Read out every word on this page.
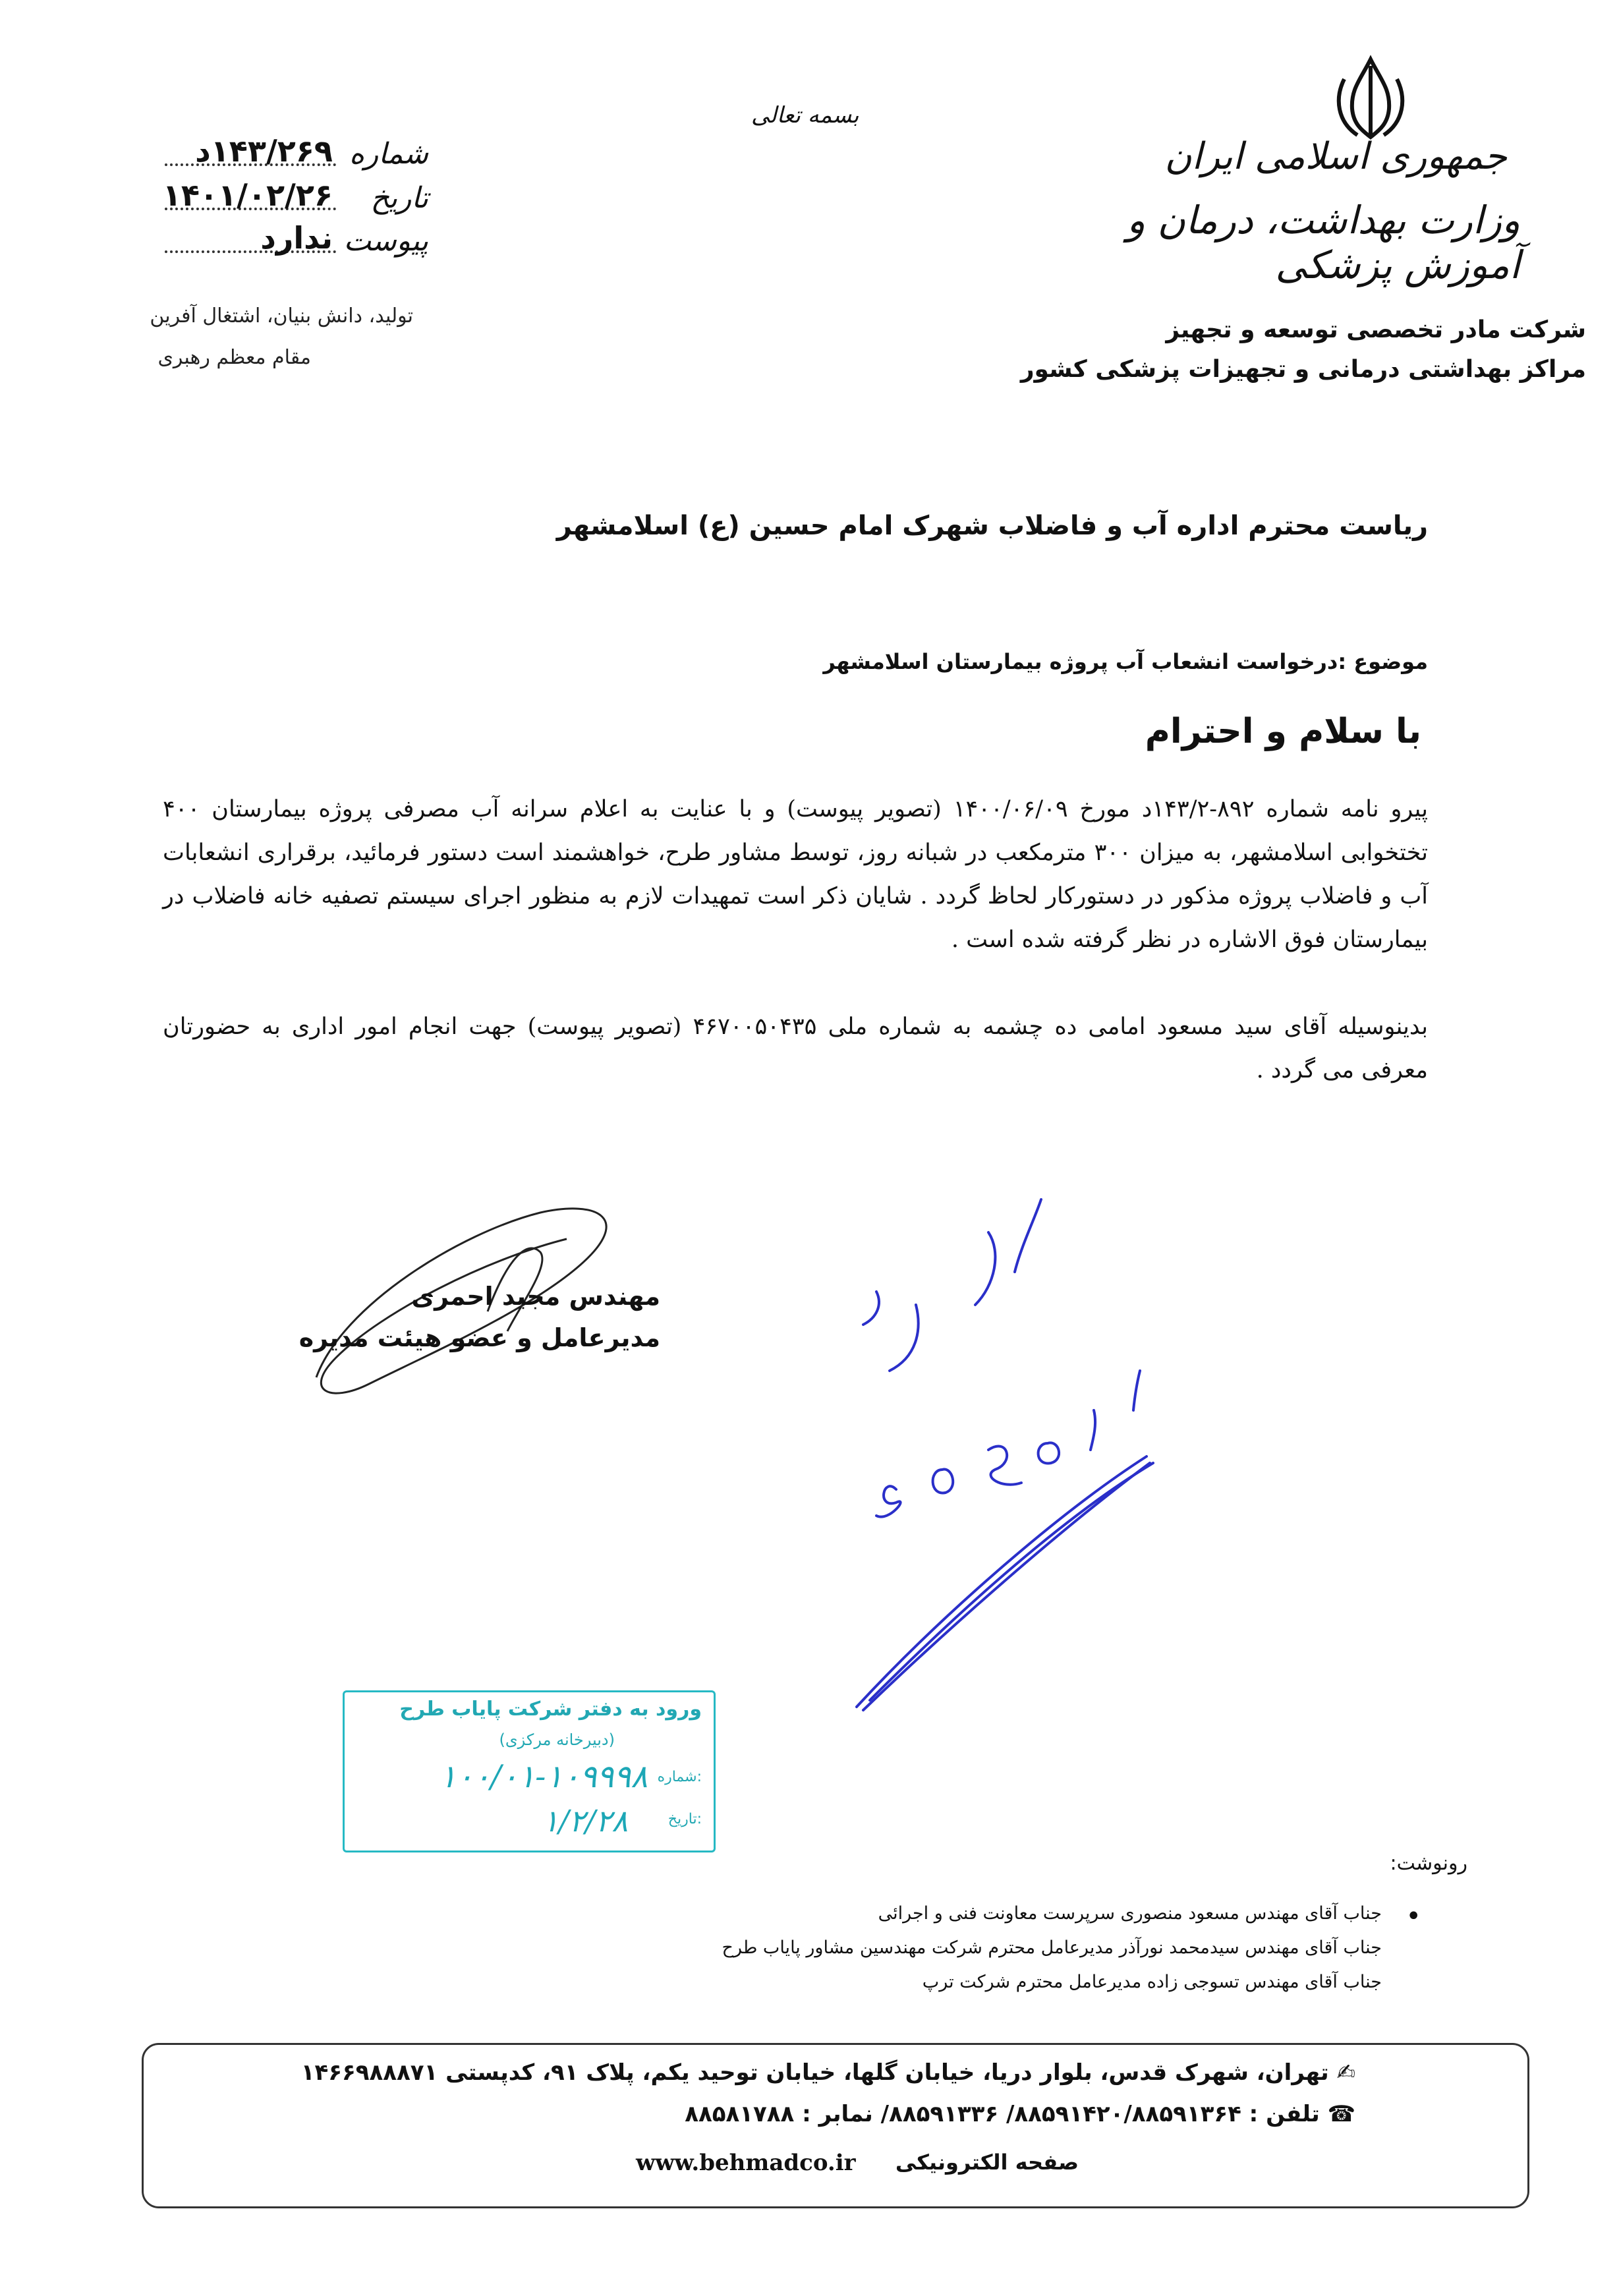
جمهوری اسلامی ایران
وزارت بهداشت، درمان و آموزش پزشکی
شرکت مادر تخصصی توسعه و تجهیز
مراکز بهداشتی درمانی و تجهیزات پزشکی کشور
بسمه تعالی
شماره
۱۴۳/۲۶۹د
تاریخ
۱۴۰۱/۰۲/۲۶
پیوست
ندارد
تولید، دانش بنیان، اشتغال آفرین
مقام معظم رهبری
ریاست محترم اداره آب و فاضلاب شهرک امام حسین (ع) اسلامشهر
موضوع :درخواست انشعاب آب پروژه بیمارستان اسلامشهر
با سلام و احترام
پیرو نامه شماره ۸۹۲-۱۴۳/۲د مورخ ۱۴۰۰/۰۶/۰۹ (تصویر پیوست) و با عنایت به اعلام سرانه آب مصرفی پروژه بیمارستان ۴۰۰ تختخوابی اسلامشهر، به میزان ۳۰۰ مترمکعب در شبانه روز، توسط مشاور طرح، خواهشمند است دستور فرمائید، برقراری انشعابات آب و فاضلاب پروژه مذکور در دستورکار لحاظ گردد . شایان ذکر است تمهیدات لازم به منظور اجرای سیستم تصفیه خانه فاضلاب در بیمارستان فوق الاشاره در نظر گرفته شده است .
بدینوسیله آقای سید مسعود امامی ده چشمه به شماره ملی ۴۶۷۰۰۵۰۴۳۵ (تصویر پیوست) جهت انجام امور اداری به حضورتان معرفی می گردد .
مهندس مجید احمری
مدیرعامل و عضو هیئت مدیره
ورود به دفتر شرکت پایاب طرح
(دبیرخانه مرکزی)
شماره:
۱۰۰/۰۱-۱۰۹۹۹۸
تاریخ:
۱/۲/۲۸
رونوشت:
•
جناب آقای مهندس مسعود منصوری سرپرست معاونت فنی و اجرائی
جناب آقای مهندس سیدمحمد نورآذر مدیرعامل محترم شرکت مهندسین مشاور پایاب طرح
جناب آقای مهندس تسوجی زاده مدیرعامل محترم شرکت ترپ
✍ تهران، شهرک قدس، بلوار دریا، خیابان گلها، خیابان توحید یکم، پلاک ۹۱، کدپستی ۱۴۶۶۹۸۸۸۷۱
☎ تلفن : ۸۸۵۹۱۴۲۰/۸۸۵۹۱۳۶۴/ ۸۸۵۹۱۳۳۶/ نمابر : ۸۸۵۸۱۷۸۸
صفحه الکترونیکی
www.behmadco.ir
